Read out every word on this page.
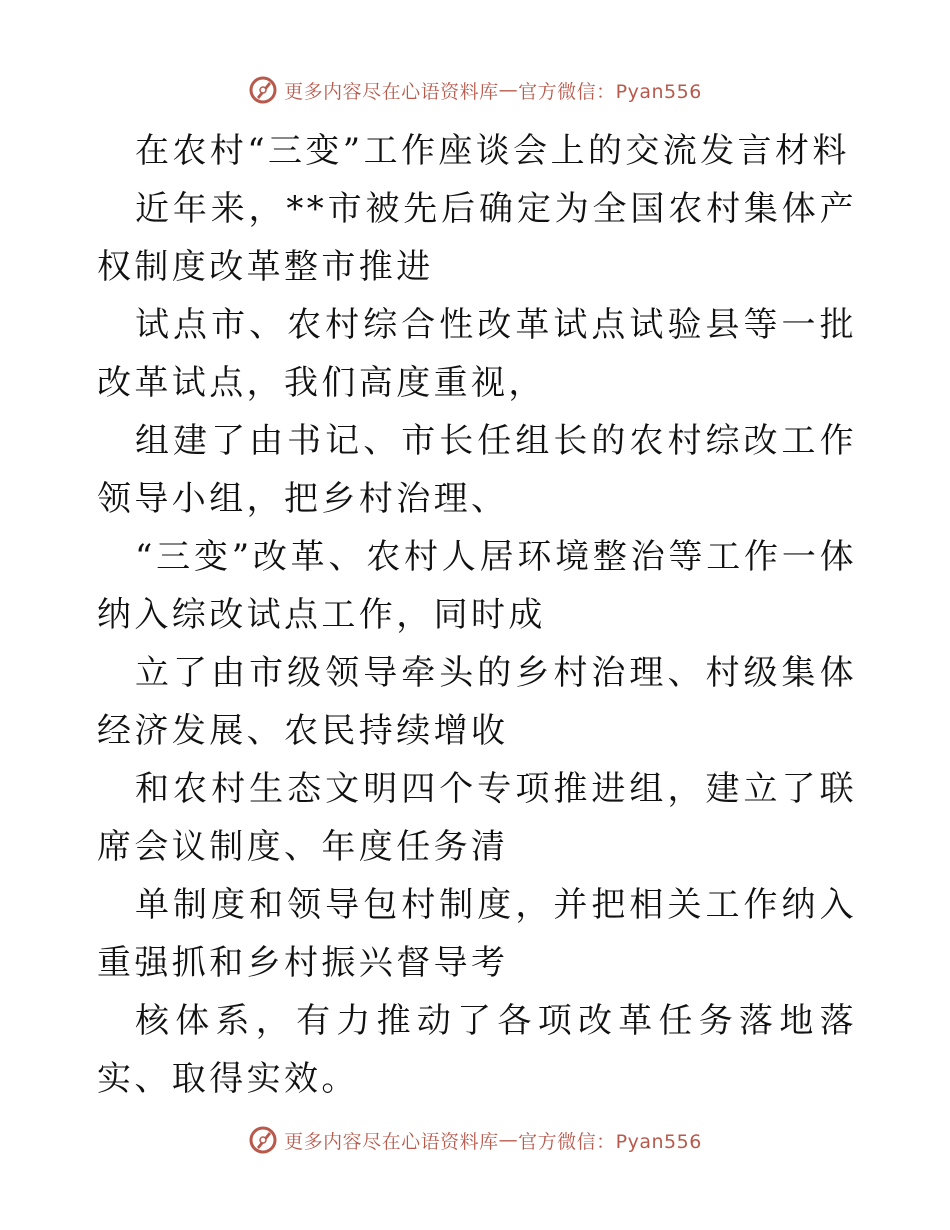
更多内容尽在心语资料库 — 官方微信：Pyan556

在农村“三变”工作座谈会上的交流发言材料

近年来，**市被先后确定为全国农村集体产权制度改革整市推进

试点市、农村综合性改革试点试验县等一批改革试点，我们高度重视，

组建了由书记、市长任组长的农村综改工作领导小组，把乡村治理、

“三变”改革、农村人居环境整治等工作一体纳入综改试点工作，同时成

立了由市级领导牵头的乡村治理、村级集体经济发展、农民持续增收

和农村生态文明四个专项推进组，建立了联席会议制度、年度任务清

单制度和领导包村制度，并把相关工作纳入重强抓和乡村振兴督导考

核体系，有力推动了各项改革任务落地落实、取得实效。

更多内容尽在心语资料库 — 官方微信：Pyan556
